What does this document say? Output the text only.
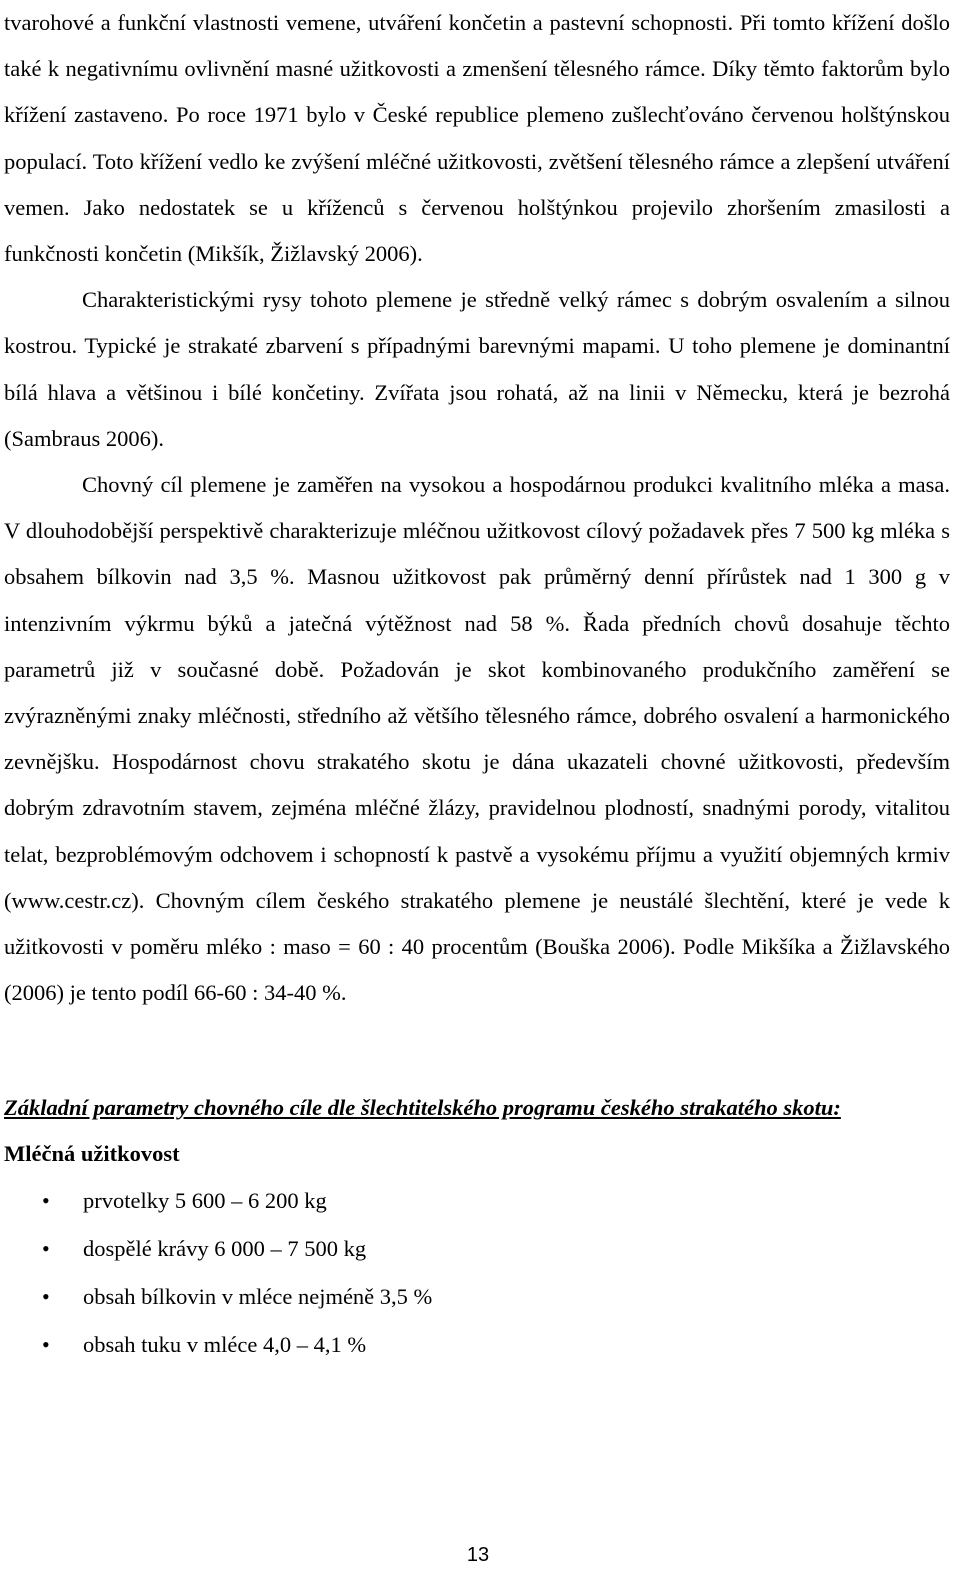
tvarohové a funkční vlastnosti vemene, utváření končetin a pastevní schopnosti. Při tomto křížení došlo také k negativnímu ovlivnění masné užitkovosti a zmenšení tělesného rámce. Díky těmto faktorům bylo křížení zastaveno. Po roce 1971 bylo v České republice plemeno zušlechťováno červenou holštýnskou populací. Toto křížení vedlo ke zvýšení mléčné užitkovosti, zvětšení tělesného rámce a zlepšení utváření vemen. Jako nedostatek se u kříženců s červenou holštýnkou projevilo zhoršením zmasilosti a funkčnosti končetin (Mikšík, Žižlavský 2006).

Charakteristickými rysy tohoto plemene je středně velký rámec s dobrým osvalením a silnou kostrou. Typické je strakaté zbarvení s případnými barevnými mapami. U toho plemene je dominantní bílá hlava a většinou i bílé končetiny. Zvířata jsou rohatá, až na linii v Německu, která je bezrohá (Sambraus 2006).

Chovný cíl plemene je zaměřen na vysokou a hospodárnou produkci kvalitního mléka a masa. V dlouhodobější perspektivě charakterizuje mléčnou užitkovost cílový požadavek přes 7 500 kg mléka s obsahem bílkovin nad 3,5 %. Masnou užitkovost pak průměrný denní přírůstek nad 1 300 g v intenzivním výkrmu býků a jatečná výtěžnost nad 58 %. Řada předních chovů dosahuje těchto parametrů již v současné době. Požadován je skot kombinovaného produkčního zaměření se zvýrazněnými znaky mléčnosti, středního až většího tělesného rámce, dobrého osvalení a harmonického zevnějšku. Hospodárnost chovu strakatého skotu je dána ukazateli chovné užitkovosti, především dobrým zdravotním stavem, zejména mléčné žlázy, pravidelnou plodností, snadnými porody, vitalitou telat, bezproblémovým odchovem i schopností k pastvě a vysokému příjmu a využití objemných krmiv (www.cestr.cz). Chovným cílem českého strakatého plemene je neustálé šlechtění, které je vede k užitkovosti v poměru mléko : maso = 60 : 40 procentům (Bouška 2006). Podle Mikšíka a Žižlavského (2006) je tento podíl 66-60 : 34-40 %.

Základní parametry chovného cíle dle šlechtitelského programu českého strakatého skotu:

Mléčná užitkovost

• prvotelky 5 600 – 6 200 kg
• dospělé krávy 6 000 – 7 500 kg
• obsah bílkovin v mléce nejméně 3,5 %
• obsah tuku v mléce 4,0 – 4,1 %
13
